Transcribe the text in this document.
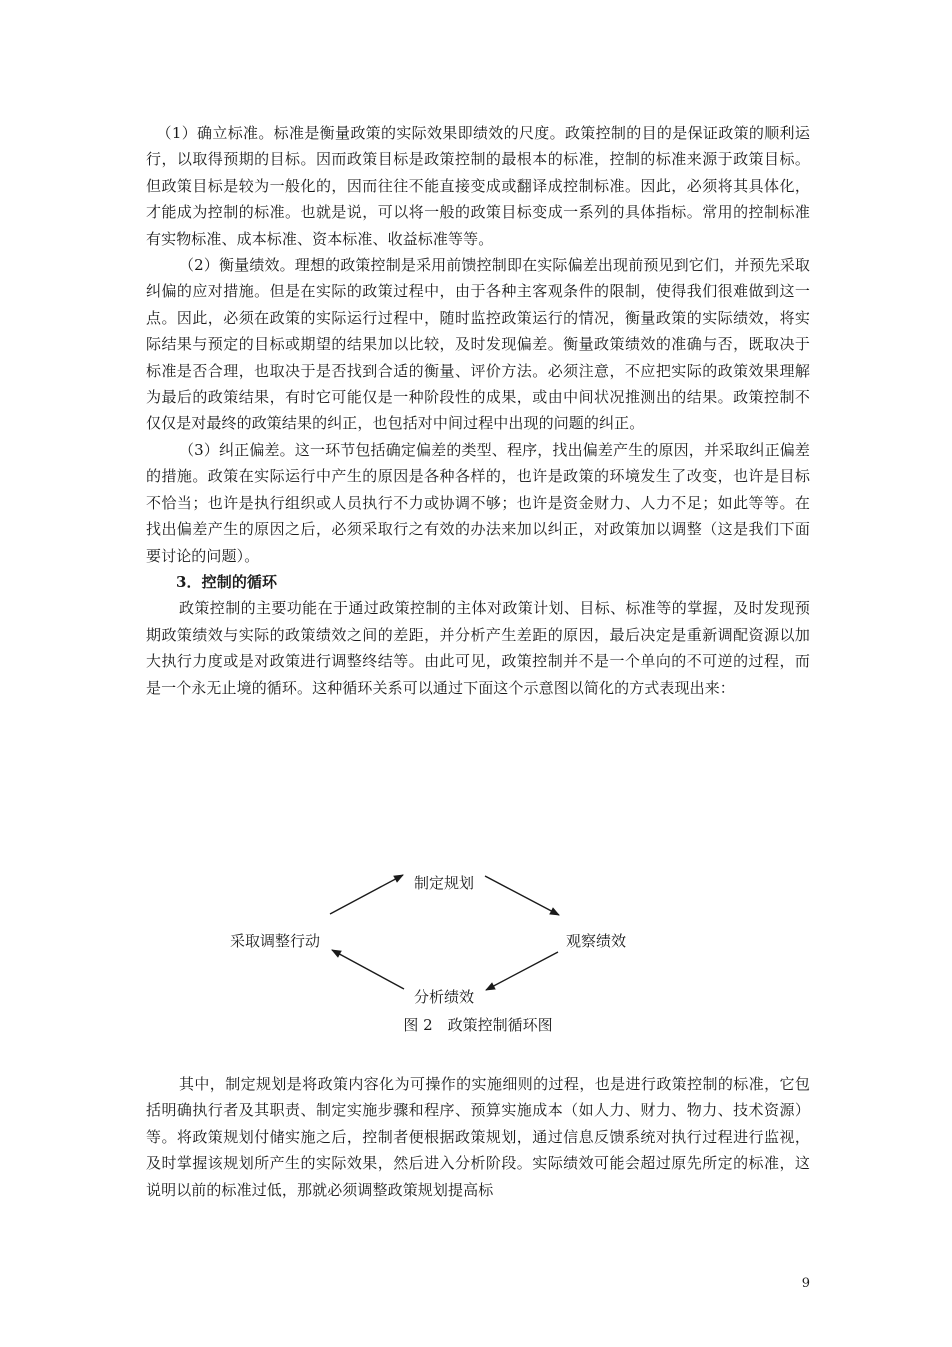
（1）确立标准。标准是衡量政策的实际效果即绩效的尺度。政策控制的目的是保证政策的顺利运行，以取得预期的目标。因而政策目标是政策控制的最根本的标准，控制的标准来源于政策目标。但政策目标是较为一般化的，因而往往不能直接变成或翻译成控制标准。因此，必须将其具体化，才能成为控制的标准。也就是说，可以将一般的政策目标变成一系列的具体指标。常用的控制标准有实物标准、成本标准、资本标准、收益标准等等。

（2）衡量绩效。理想的政策控制是采用前馈控制即在实际偏差出现前预见到它们，并预先采取纠偏的应对措施。但是在实际的政策过程中，由于各种主客观条件的限制，使得我们很难做到这一点。因此，必须在政策的实际运行过程中，随时监控政策运行的情况，衡量政策的实际绩效，将实际结果与预定的目标或期望的结果加以比较，及时发现偏差。衡量政策绩效的准确与否，既取决于标准是否合理，也取决于是否找到合适的衡量、评价方法。必须注意，不应把实际的政策效果理解为最后的政策结果，有时它可能仅是一种阶段性的成果，或由中间状况推测出的结果。政策控制不仅仅是对最终的政策结果的纠正，也包括对中间过程中出现的问题的纠正。

（3）纠正偏差。这一环节包括确定偏差的类型、程序，找出偏差产生的原因，并采取纠正偏差的措施。政策在实际运行中产生的原因是各种各样的，也许是政策的环境发生了改变，也许是目标不恰当；也许是执行组织或人员执行不力或协调不够；也许是资金财力、人力不足；如此等等。在找出偏差产生的原因之后，必须采取行之有效的办法来加以纠正，对政策加以调整（这是我们下面要讨论的问题）。

3．控制的循环

政策控制的主要功能在于通过政策控制的主体对政策计划、目标、标准等的掌握，及时发现预期政策绩效与实际的政策绩效之间的差距，并分析产生差距的原因，最后决定是重新调配资源以加大执行力度或是对政策进行调整终结等。由此可见，政策控制并不是一个单向的不可逆的过程，而是一个永无止境的循环。这种循环关系可以通过下面这个示意图以简化的方式表现出来：

制定规划
观察绩效
分析绩效
采取调整行动
图 2　政策控制循环图

其中，制定规划是将政策内容化为可操作的实施细则的过程，也是进行政策控制的标准，它包括明确执行者及其职责、制定实施步骤和程序、预算实施成本（如人力、财力、物力、技术资源）等。将政策规划付储实施之后，控制者便根据政策规划，通过信息反馈系统对执行过程进行监视，及时掌握该规划所产生的实际效果，然后进入分析阶段。实际绩效可能会超过原先所定的标准，这说明以前的标准过低，那就必须调整政策规划提高标

9
